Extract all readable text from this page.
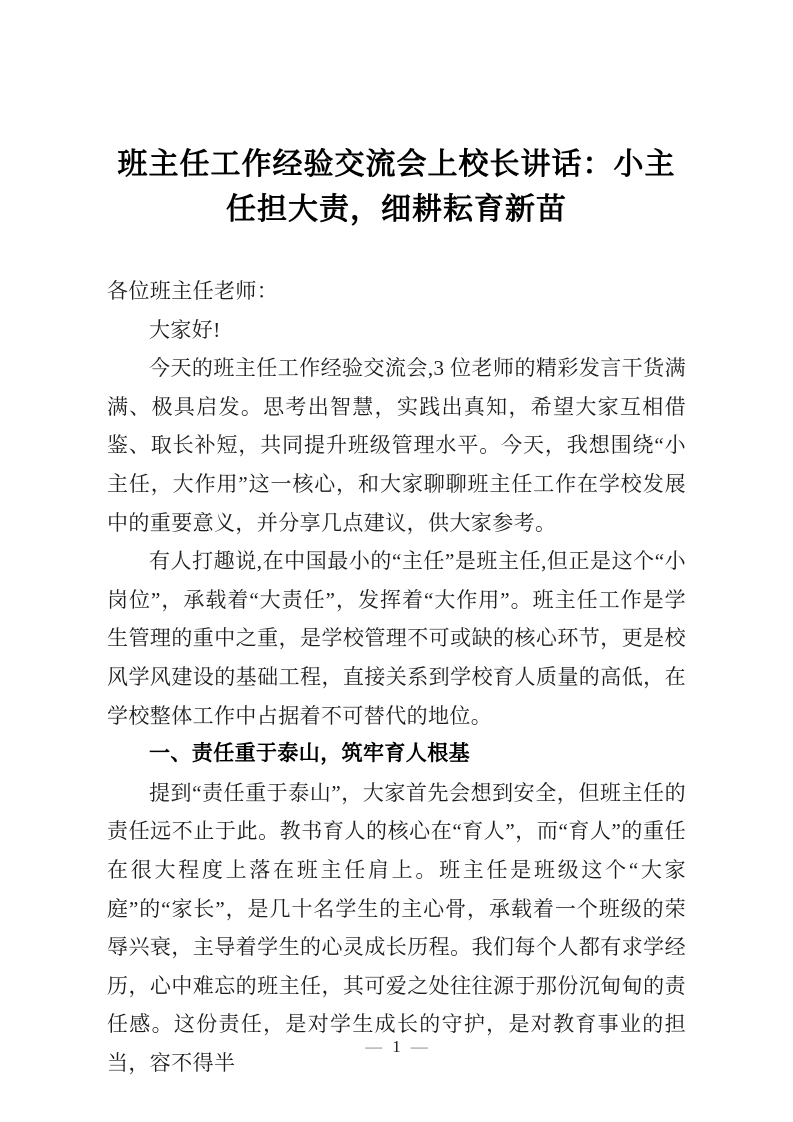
班主任工作经验交流会上校长讲话：小主任担大责，细耕耘育新苗

各位班主任老师：

大家好!

今天的班主任工作经验交流会,3 位老师的精彩发言干货满满、极具启发。思考出智慧，实践出真知，希望大家互相借鉴、取长补短，共同提升班级管理水平。今天，我想围绕“小主任，大作用”这一核心，和大家聊聊班主任工作在学校发展中的重要意义，并分享几点建议，供大家参考。

有人打趣说,在中国最小的“主任”是班主任,但正是这个“小岗位”，承载着“大责任”，发挥着“大作用”。班主任工作是学生管理的重中之重，是学校管理不可或缺的核心环节，更是校风学风建设的基础工程，直接关系到学校育人质量的高低，在学校整体工作中占据着不可替代的地位。

一、责任重于泰山，筑牢育人根基

提到“责任重于泰山”，大家首先会想到安全，但班主任的责任远不止于此。教书育人的核心在“育人”，而“育人”的重任在很大程度上落在班主任肩上。班主任是班级这个“大家庭”的“家长”，是几十名学生的主心骨，承载着一个班级的荣辱兴衰，主导着学生的心灵成长历程。我们每个人都有求学经历，心中难忘的班主任，其可爱之处往往源于那份沉甸甸的责任感。这份责任，是对学生成长的守护，是对教育事业的担当，容不得半

— 1 —
